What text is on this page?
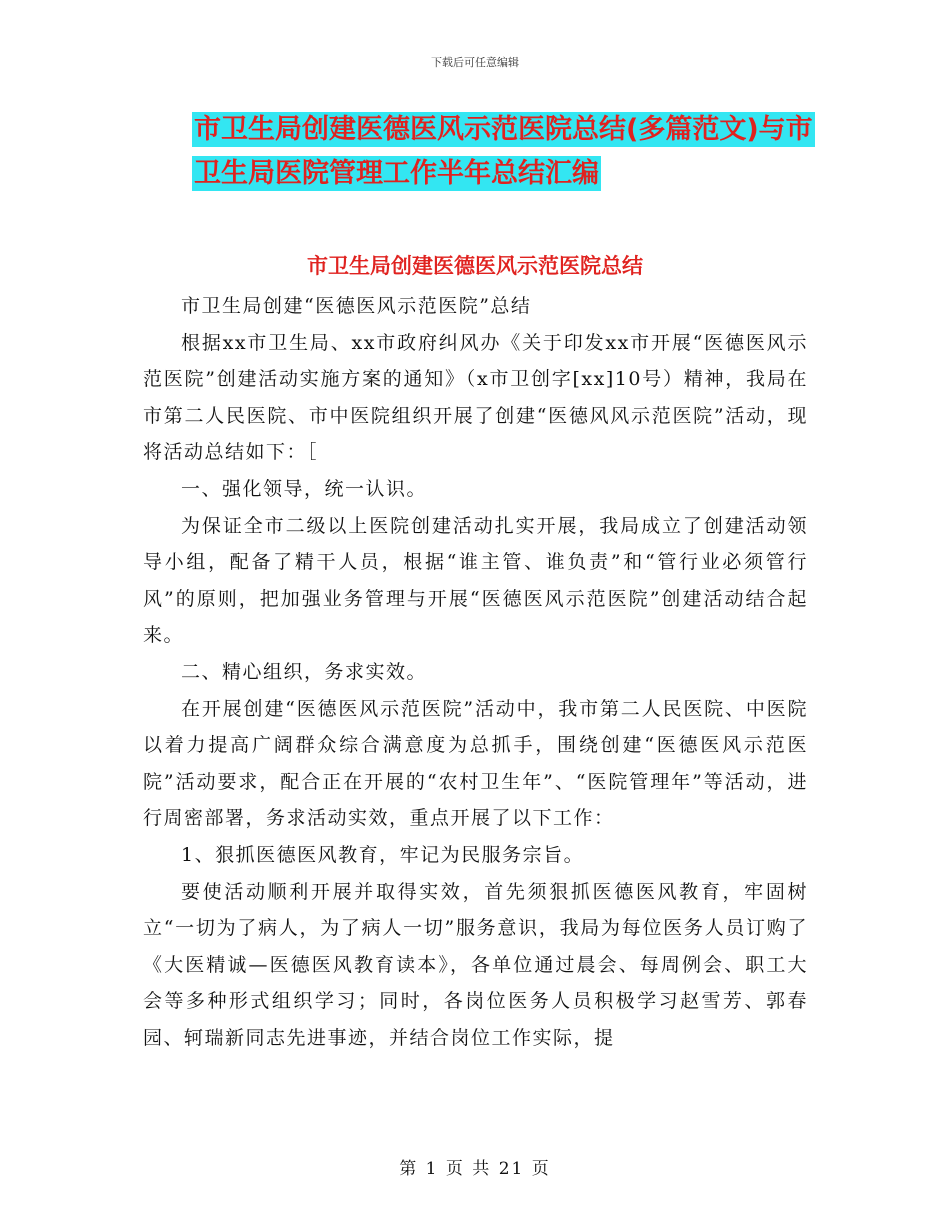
下载后可任意编辑
市卫生局创建医德医风示范医院总结(多篇范文)与市
卫生局医院管理工作半年总结汇编
市卫生局创建医德医风示范医院总结

市卫生局创建“医德医风示范医院”总结

根据xx市卫生局、xx市政府纠风办《关于印发xx市开展“医德医风示范医院”创建活动实施方案的通知》（x市卫创字[xx]10号）精神，我局在市第二人民医院、市中医院组织开展了创建“医德风风示范医院”活动，现将活动总结如下：［

一、强化领导，统一认识。

为保证全市二级以上医院创建活动扎实开展，我局成立了创建活动领导小组，配备了精干人员，根据“谁主管、谁负责”和“管行业必须管行风”的原则，把加强业务管理与开展“医德医风示范医院”创建活动结合起来。

二、精心组织，务求实效。

在开展创建“医德医风示范医院”活动中，我市第二人民医院、中医院以着力提高广阔群众综合满意度为总抓手，围绕创建“医德医风示范医院”活动要求，配合正在开展的“农村卫生年”、“医院管理年”等活动，进行周密部署，务求活动实效，重点开展了以下工作：

1、狠抓医德医风教育，牢记为民服务宗旨。

要使活动顺利开展并取得实效，首先须狠抓医德医风教育，牢固树立“一切为了病人，为了病人一切”服务意识，我局为每位医务人员订购了《大医精诚—医德医风教育读本》，各单位通过晨会、每周例会、职工大会等多种形式组织学习；同时，各岗位医务人员积极学习赵雪芳、郭春园、轲瑞新同志先进事迹，并结合岗位工作实际，提

第 1 页 共 21 页
